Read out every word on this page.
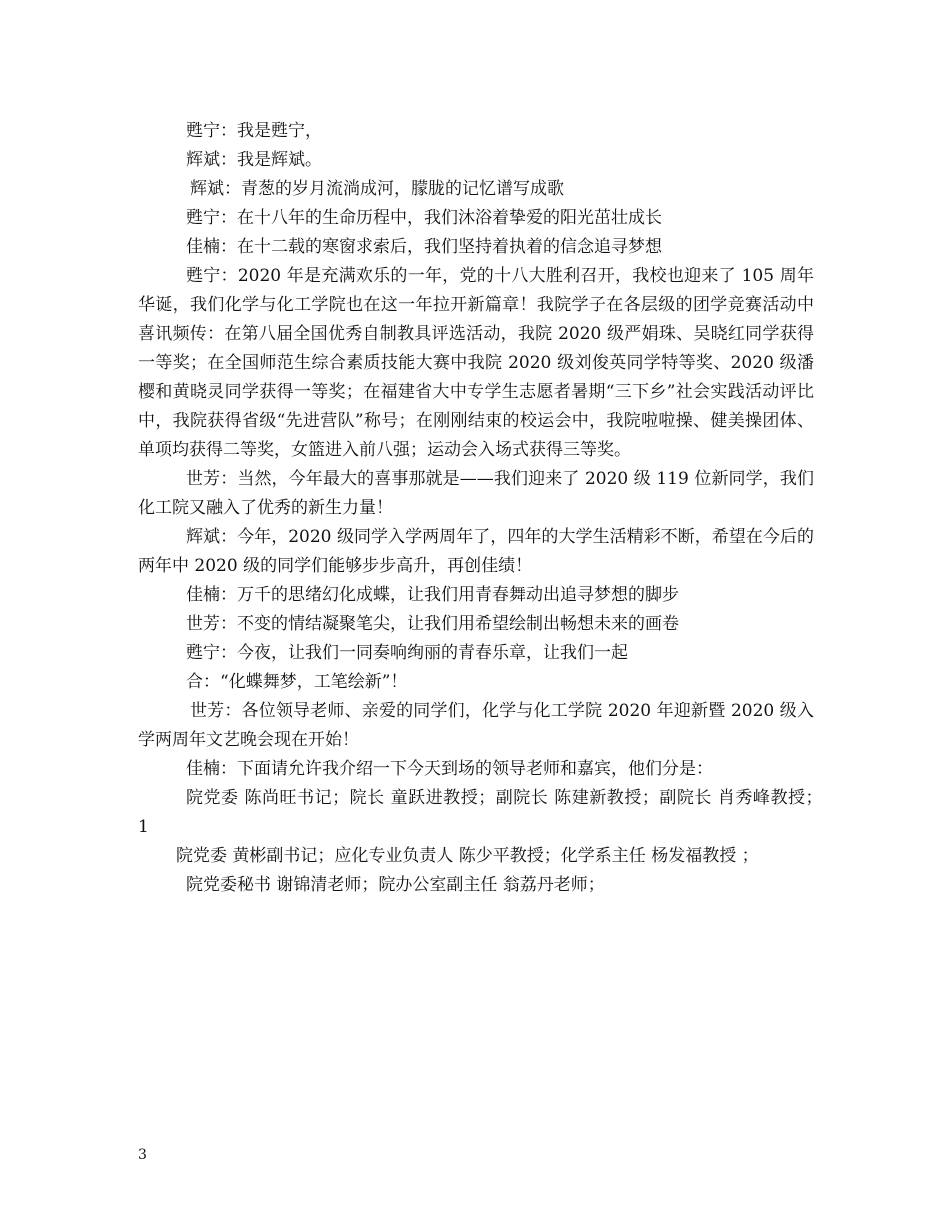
甦宁：我是甦宁，

辉斌：我是辉斌。

辉斌：青葱的岁月流淌成河，朦胧的记忆谱写成歌

甦宁：在十八年的生命历程中，我们沐浴着挚爱的阳光茁壮成长

佳楠：在十二载的寒窗求索后，我们坚持着执着的信念追寻梦想

甦宁：2020 年是充满欢乐的一年，党的十八大胜利召开，我校也迎来了 105 周年华诞，我们化学与化工学院也在这一年拉开新篇章！我院学子在各层级的团学竞赛活动中喜讯频传：在第八届全国优秀自制教具评选活动，我院 2020 级严娟珠、吴晓红同学获得一等奖；在全国师范生综合素质技能大赛中我院 2020 级刘俊英同学特等奖、2020 级潘樱和黄晓灵同学获得一等奖；在福建省大中专学生志愿者暑期“三下乡”社会实践活动评比中，我院获得省级“先进营队”称号；在刚刚结束的校运会中，我院啦啦操、健美操团体、单项均获得二等奖，女篮进入前八强；运动会入场式获得三等奖。

世芳：当然，今年最大的喜事那就是——我们迎来了 2020 级 119 位新同学，我们化工院又融入了优秀的新生力量！

辉斌：今年，2020 级同学入学两周年了，四年的大学生活精彩不断，希望在今后的两年中 2020 级的同学们能够步步高升，再创佳绩！

佳楠：万千的思绪幻化成蝶，让我们用青春舞动出追寻梦想的脚步

世芳：不变的情结凝聚笔尖，让我们用希望绘制出畅想未来的画卷

甦宁：今夜，让我们一同奏响绚丽的青春乐章，让我们一起

合：“化蝶舞梦，工笔绘新”！

世芳：各位领导老师、亲爱的同学们，化学与化工学院 2020 年迎新暨 2020 级入学两周年文艺晚会现在开始！

佳楠：下面请允许我介绍一下今天到场的领导老师和嘉宾，他们分是：

院党委 陈尚旺书记；院长 童跃进教授；副院长 陈建新教授；副院长 肖秀峰教授；　 1

院党委 黄彬副书记；应化专业负责人 陈少平教授；化学系主任 杨发福教授 ；

院党委秘书 谢锦清老师；院办公室副主任 翁荔丹老师；

3
